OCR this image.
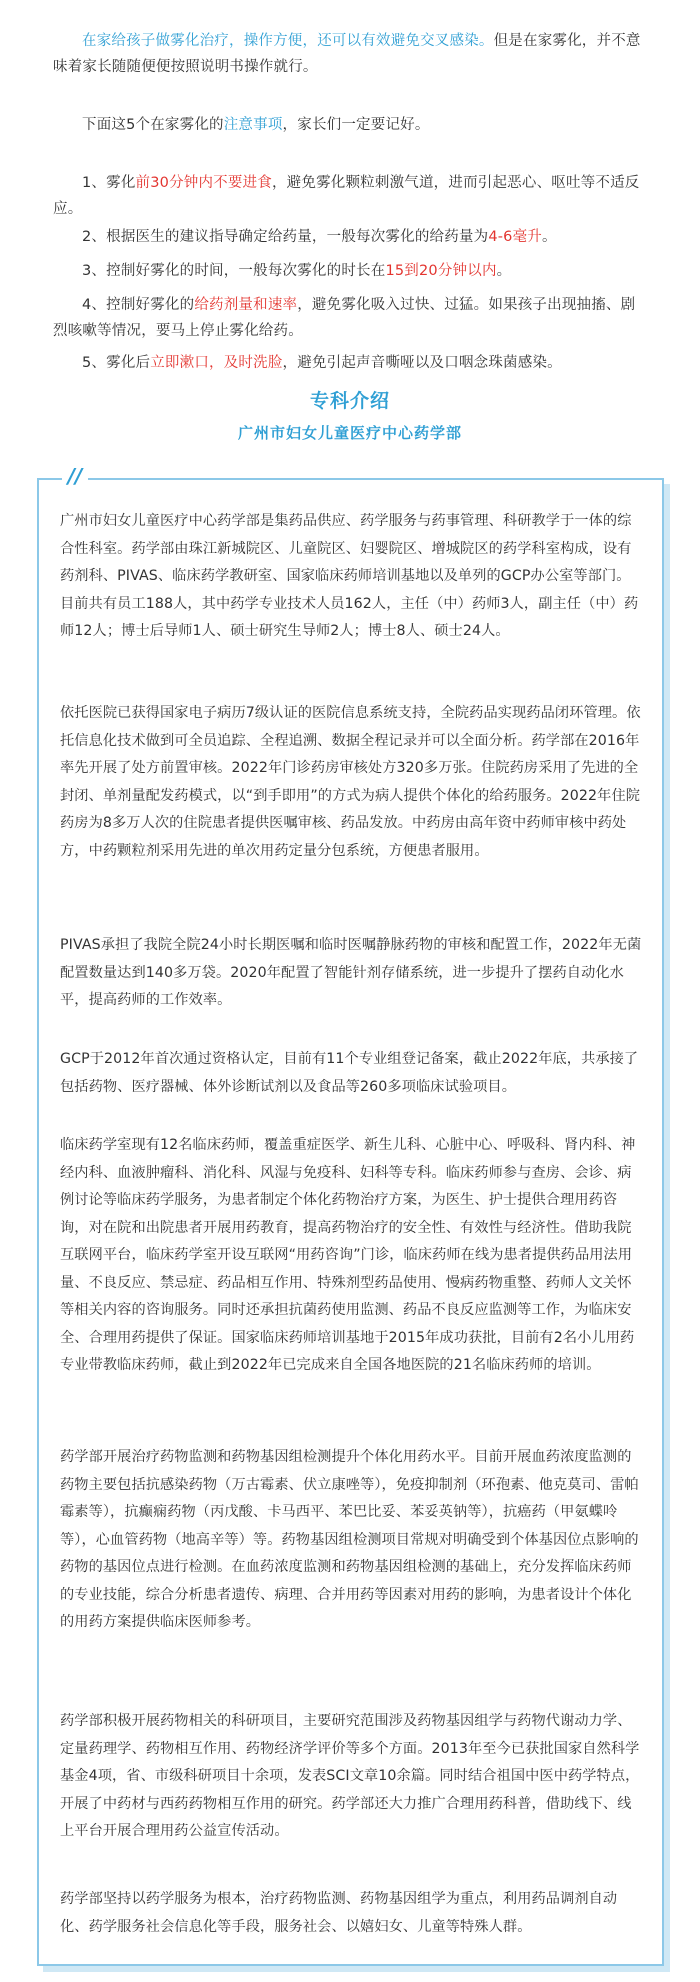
在家给孩子做雾化治疗，操作方便，还可以有效避免交叉感染。但是在家雾化，并不意味着家长随随便便按照说明书操作就行。
下面这5个在家雾化的注意事项，家长们一定要记好。
1、雾化前30分钟内不要进食，避免雾化颗粒刺激气道，进而引起恶心、呕吐等不适反应。
2、根据医生的建议指导确定给药量，一般每次雾化的给药量为4-6毫升。
3、控制好雾化的时间，一般每次雾化的时长在15到20分钟以内。
4、控制好雾化的给药剂量和速率，避免雾化吸入过快、过猛。如果孩子出现抽搐、剧烈咳嗽等情况，要马上停止雾化给药。
5、雾化后立即漱口，及时洗脸，避免引起声音嘶哑以及口咽念珠菌感染。
专科介绍
广州市妇女儿童医疗中心药学部
//
广州市妇女儿童医疗中心药学部是集药品供应、药学服务与药事管理、科研教学于一体的综合性科室。药学部由珠江新城院区、儿童院区、妇婴院区、增城院区的药学科室构成，设有药剂科、PIVAS、临床药学教研室、国家临床药师培训基地以及单列的GCP办公室等部门。目前共有员工188人，其中药学专业技术人员162人，主任（中）药师3人，副主任（中）药师12人；博士后导师1人、硕士研究生导师2人；博士8人、硕士24人。
依托医院已获得国家电子病历7级认证的医院信息系统支持，全院药品实现药品闭环管理。依托信息化技术做到可全员追踪、全程追溯、数据全程记录并可以全面分析。药学部在2016年率先开展了处方前置审核。2022年门诊药房审核处方320多万张。住院药房采用了先进的全封闭、单剂量配发药模式，以“到手即用”的方式为病人提供个体化的给药服务。2022年住院药房为8多万人次的住院患者提供医嘱审核、药品发放。中药房由高年资中药师审核中药处方，中药颗粒剂采用先进的单次用药定量分包系统，方便患者服用。
PIVAS承担了我院全院24小时长期医嘱和临时医嘱静脉药物的审核和配置工作，2022年无菌配置数量达到140多万袋。2020年配置了智能针剂存储系统，进一步提升了摆药自动化水平，提高药师的工作效率。
GCP于2012年首次通过资格认定，目前有11个专业组登记备案，截止2022年底，共承接了包括药物、医疗器械、体外诊断试剂以及食品等260多项临床试验项目。
临床药学室现有12名临床药师，覆盖重症医学、新生儿科、心脏中心、呼吸科、肾内科、神经内科、血液肿瘤科、消化科、风湿与免疫科、妇科等专科。临床药师参与查房、会诊、病例讨论等临床药学服务，为患者制定个体化药物治疗方案，为医生、护士提供合理用药咨询，对在院和出院患者开展用药教育，提高药物治疗的安全性、有效性与经济性。借助我院互联网平台，临床药学室开设互联网“用药咨询”门诊，临床药师在线为患者提供药品用法用量、不良反应、禁忌症、药品相互作用、特殊剂型药品使用、慢病药物重整、药师人文关怀等相关内容的咨询服务。同时还承担抗菌药使用监测、药品不良反应监测等工作，为临床安全、合理用药提供了保证。国家临床药师培训基地于2015年成功获批，目前有2名小儿用药专业带教临床药师，截止到2022年已完成来自全国各地医院的21名临床药师的培训。
药学部开展治疗药物监测和药物基因组检测提升个体化用药水平。目前开展血药浓度监测的药物主要包括抗感染药物（万古霉素、伏立康唑等），免疫抑制剂（环孢素、他克莫司、雷帕霉素等），抗癫痫药物（丙戊酸、卡马西平、苯巴比妥、苯妥英钠等），抗癌药（甲氨蝶呤等），心血管药物（地高辛等）等。药物基因组检测项目常规对明确受到个体基因位点影响的药物的基因位点进行检测。在血药浓度监测和药物基因组检测的基础上，充分发挥临床药师的专业技能，综合分析患者遗传、病理、合并用药等因素对用药的影响，为患者设计个体化的用药方案提供临床医师参考。
药学部积极开展药物相关的科研项目，主要研究范围涉及药物基因组学与药物代谢动力学、定量药理学、药物相互作用、药物经济学评价等多个方面。2013年至今已获批国家自然科学基金4项，省、市级科研项目十余项，发表SCI文章10余篇。同时结合祖国中医中药学特点，开展了中药材与西药药物相互作用的研究。药学部还大力推广合理用药科普，借助线下、线上平台开展合理用药公益宣传活动。
药学部坚持以药学服务为根本，治疗药物监测、药物基因组学为重点，利用药品调剂自动化、药学服务社会信息化等手段，服务社会、以嬉妇女、儿童等特殊人群。
